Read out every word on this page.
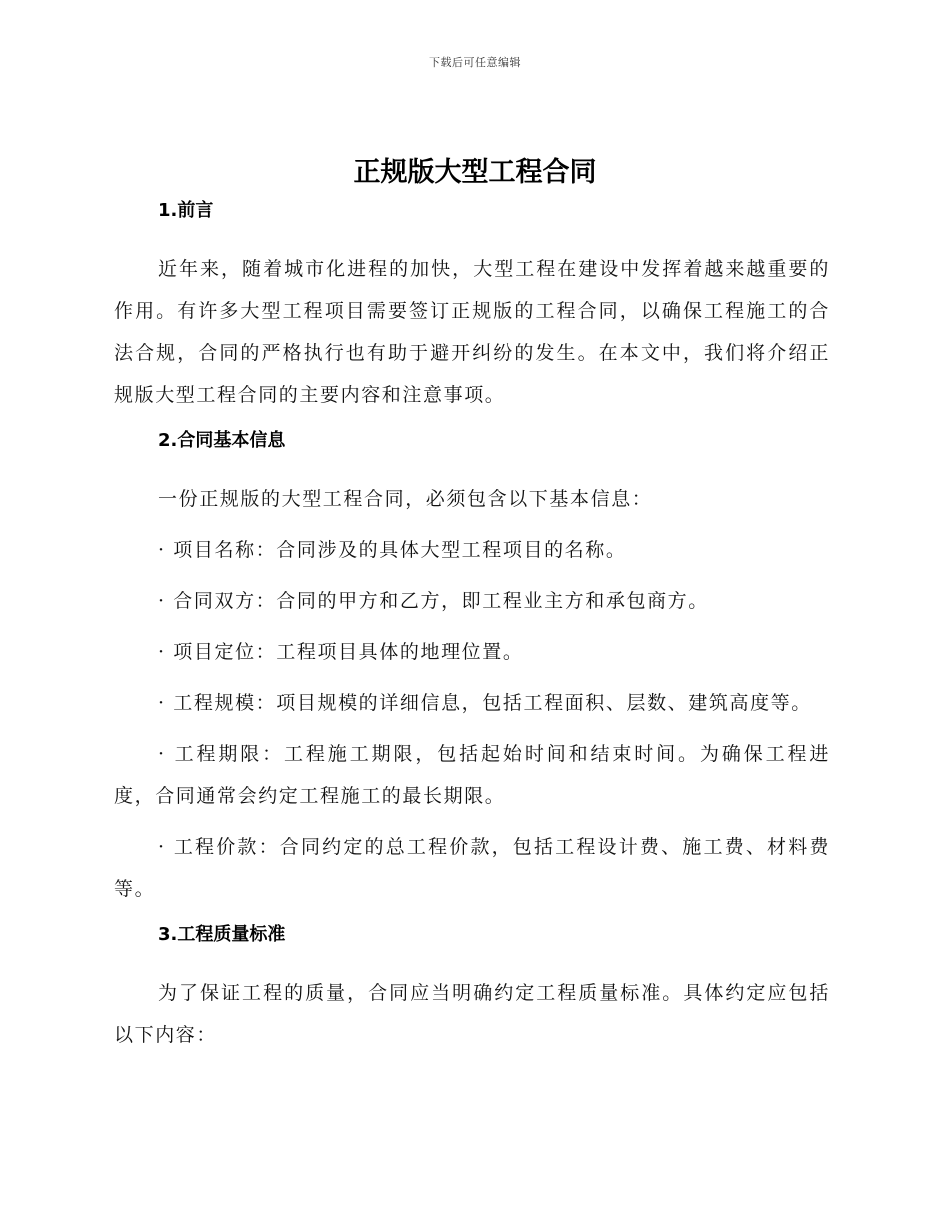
下载后可任意编辑
正规版大型工程合同
1.前言

近年来，随着城市化进程的加快，大型工程在建设中发挥着越来越重要的作用。有许多大型工程项目需要签订正规版的工程合同，以确保工程施工的合法合规，合同的严格执行也有助于避开纠纷的发生。在本文中，我们将介绍正规版大型工程合同的主要内容和注意事项。

2.合同基本信息

一份正规版的大型工程合同，必须包含以下基本信息：

· 项目名称：合同涉及的具体大型工程项目的名称。

· 合同双方：合同的甲方和乙方，即工程业主方和承包商方。

· 项目定位：工程项目具体的地理位置。

· 工程规模：项目规模的详细信息，包括工程面积、层数、建筑高度等。

· 工程期限：工程施工期限，包括起始时间和结束时间。为确保工程进度，合同通常会约定工程施工的最长期限。

· 工程价款：合同约定的总工程价款，包括工程设计费、施工费、材料费等。

3.工程质量标准

为了保证工程的质量，合同应当明确约定工程质量标准。具体约定应包括以下内容：
